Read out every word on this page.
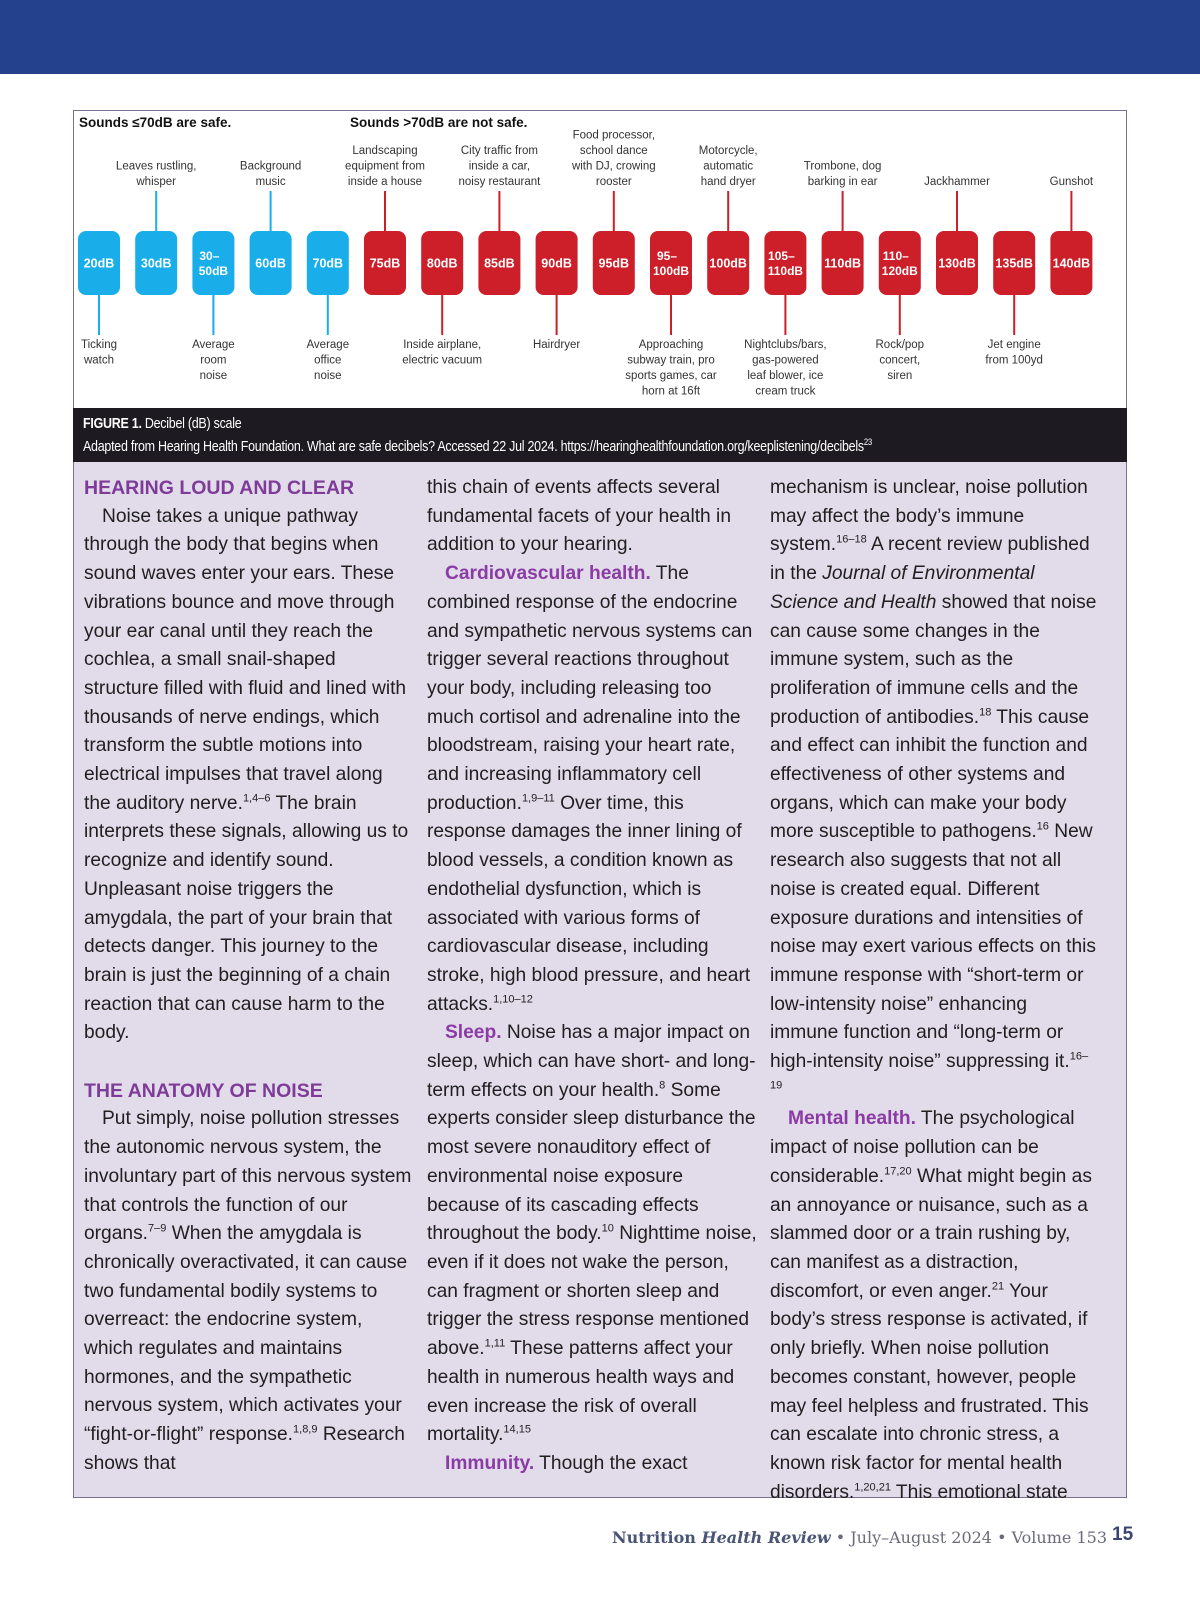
Sounds ≤70dB are safe.	Sounds >70dB are not safe.
Ticking
watch
20dB
Leaves rustling,
whisper
30dB
Average
room
noise
30–
50dB
Background
music
60dB
Average
office
noise
70dB
Landscaping
equipment from
inside a house
75dB
Inside airplane,
electric vacuum
80dB
City traffic from
inside a car,
noisy restaurant
85dB
Hairdryer
90dB
Food processor,
school dance
with DJ, crowing
rooster
95dB
Approaching
subway train, pro
sports games, car
horn at 16ft
95–
100dB
Motorcycle,
automatic
hand dryer
100dB
Nightclubs/bars,
gas-powered
leaf blower, ice
cream truck
105–
110dB
Trombone, dog
barking in ear
110dB
Rock/pop
concert,
siren
110–
120dB
Jackhammer
130dB
Jet engine
from 100yd
135dB
Gunshot
140dB
FIGURE 1. Decibel (dB) scale
Adapted from Hearing Health Foundation. What are safe decibels? Accessed 22 Jul 2024. https://hearinghealthfoundation.org/keeplistening/decibels$^{23}$
HEARING LOUD AND CLEAR

Noise takes a unique pathway through the body that begins when sound waves enter your ears. These vibrations bounce and move through your ear canal until they reach the cochlea, a small snail-shaped structure filled with fluid and lined with thousands of nerve endings, which transform the subtle motions into electrical impulses that travel along the auditory nerve.$^{1,4-6}$ The brain interprets these signals, allowing us to recognize and identify sound. Unpleasant noise triggers the amygdala, the part of your brain that detects danger. This journey to the brain is just the beginning of a chain reaction that can cause harm to the body.

THE ANATOMY OF NOISE

Put simply, noise pollution stresses the autonomic nervous system, the involuntary part of this nervous system that controls the function of our organs.$^{7-9}$ When the amygdala is chronically overactivated, it can cause two fundamental bodily systems to overreact: the endocrine system, which regulates and maintains hormones, and the sympathetic nervous system, which activates your “fight-or-flight” response.$^{1,8,9}$ Research shows that

this chain of events affects several fundamental facets of your health in addition to your hearing.

Cardiovascular health. The combined response of the endocrine and sympathetic nervous systems can trigger several reactions throughout your body, including releasing too much cortisol and adrenaline into the bloodstream, raising your heart rate, and increasing inflammatory cell production.$^{1,9-11}$ Over time, this response damages the inner lining of blood vessels, a condition known as endothelial dysfunction, which is associated with various forms of cardiovascular disease, including stroke, high blood pressure, and heart attacks.$^{1,10-12}$

Sleep. Noise has a major impact on sleep, which can have short- and long-term effects on your health.$^8$ Some experts consider sleep disturbance the most severe nonauditory effect of environmental noise exposure because of its cascading effects throughout the body.$^{10}$ Nighttime noise, even if it does not wake the person, can fragment or shorten sleep and trigger the stress response mentioned above.$^{1,11}$ These patterns affect your health in numerous health ways and even increase the risk of overall mortality.$^{14,15}$

Immunity. Though the exact

mechanism is unclear, noise pollution may affect the body’s immune system.$^{16-18}$ A recent review published in the Journal of Environmental Science and Health showed that noise can cause some changes in the immune system, such as the proliferation of immune cells and the production of antibodies.$^{18}$ This cause and effect can inhibit the function and effectiveness of other systems and organs, which can make your body more susceptible to pathogens.$^{16}$ New research also suggests that not all noise is created equal. Different exposure durations and intensities of noise may exert various effects on this immune response with “short-term or low-intensity noise” enhancing immune function and “long-term or high-intensity noise” suppressing it.$^{16-19}$

Mental health. The psychological impact of noise pollution can be considerable.$^{17,20}$ What might begin as an annoyance or nuisance, such as a slammed door or a train rushing by, can manifest as a distraction, discomfort, or even anger.$^{21}$ Your body’s stress response is activated, if only briefly. When noise pollution becomes constant, however, people may feel helpless and frustrated. This can escalate into chronic stress, a known risk factor for mental health disorders.$^{1,20,21}$ This emotional state

Nutrition Health Review • July–August 2024 • Volume 153 15
